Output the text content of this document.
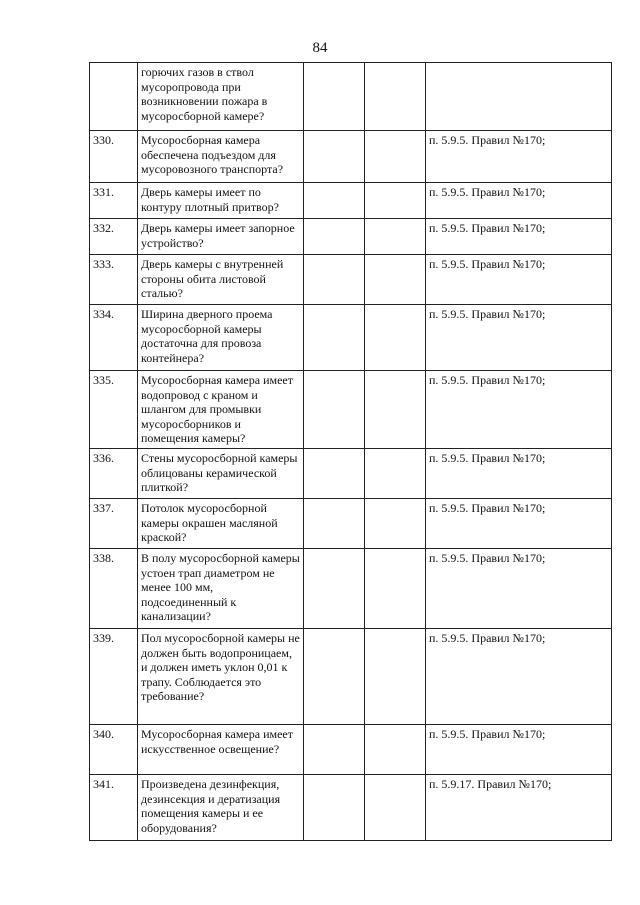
84
	горючих газов в ствол мусоропровода при возникновении пожара в мусоросборной камере?			
330.	Мусоросборная камера обеспечена подъездом для мусоровозного транспорта?			п. 5.9.5. Правил №170;
331.	Дверь камеры имеет по контуру плотный притвор?			п. 5.9.5. Правил №170;
332.	Дверь камеры имеет запорное устройство?			п. 5.9.5. Правил №170;
333.	Дверь камеры с внутренней стороны обита листовой сталью?			п. 5.9.5. Правил №170;
334.	Ширина дверного проема мусоросборной камеры достаточна для провоза контейнера?			п. 5.9.5. Правил №170;
335.	Мусоросборная камера имеет водопровод с краном и шлангом для промывки мусоросборников и помещения камеры?			п. 5.9.5. Правил №170;
336.	Стены мусоросборной камеры облицованы керамической плиткой?			п. 5.9.5. Правил №170;
337.	Потолок мусоросборной камеры окрашен масляной краской?			п. 5.9.5. Правил №170;
338.	В полу мусоросборной камеры устоен трап диаметром не менее 100 мм, подсоединенный к канализации?			п. 5.9.5. Правил №170;
339.	Пол мусоросборной камеры не должен быть водопроницаем, и должен иметь уклон 0,01 к трапу. Соблюдается это требование?			п. 5.9.5. Правил №170;
340.	Мусоросборная камера имеет искусственное освещение?			п. 5.9.5. Правил №170;
341.	Произведена дезинфекция, дезинсекция и дератизация помещения камеры и ее оборудования?			п. 5.9.17. Правил №170;
